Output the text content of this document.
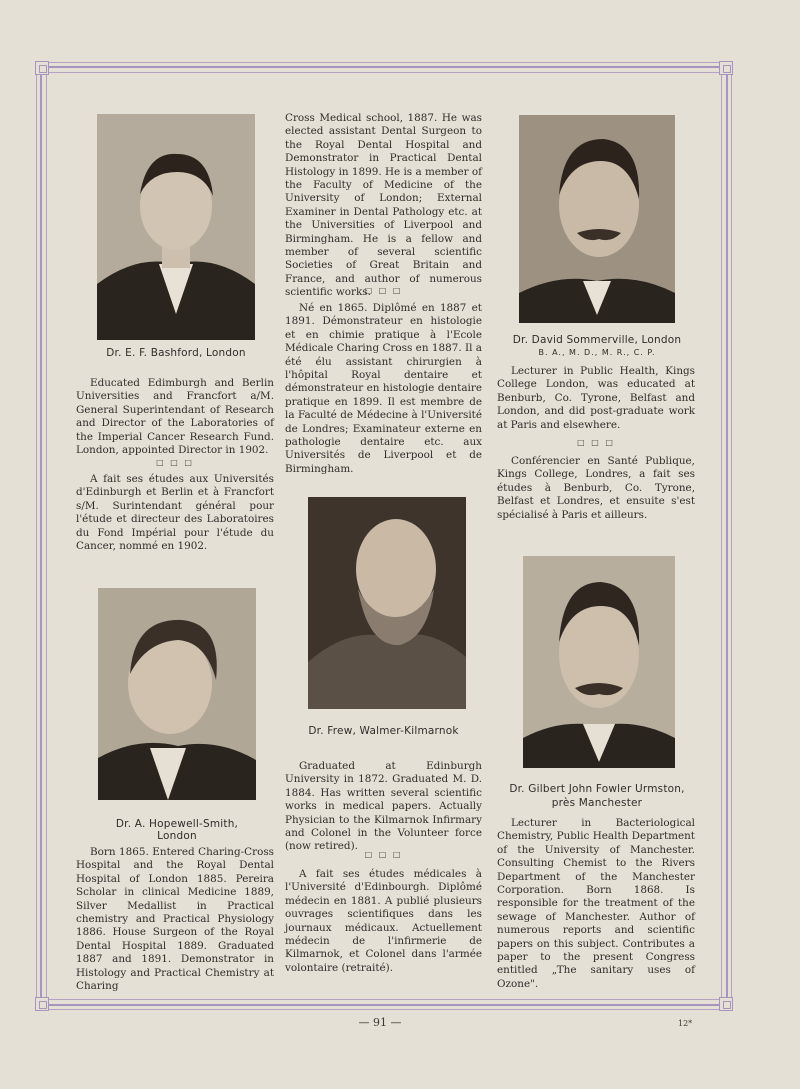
Dr. E. F. Bashford, London
Educated Edimburgh and Berlin Universities and Francfort a/M. General Superintendant of Research and Director of the Laboratories of the Imperial Cancer Research Fund. London, appointed Director in 1902.
□ □ □
A fait ses études aux Universités d'Edinburgh et Berlin et à Francfort s/M. Surintendant général pour l'étude et directeur des Laboratoires du Fond Impérial pour l'étude du Cancer, nommé en 1902.
Dr. A. Hopewell-Smith, London
Born 1865. Entered Charing-Cross Hospital and the Royal Dental Hospital of London 1885. Pereira Scholar in clinical Medicine 1889, Silver Medallist in Practical chemistry and Practical Physiology 1886. House Surgeon of the Royal Dental Hospital 1889. Graduated 1887 and 1891. Demonstrator in Histology and Practical Chemistry at Charing
Cross Medical school, 1887. He was elected assistant Dental Surgeon to the Royal Dental Hospital and Demonstrator in Practical Dental Histology in 1899. He is a member of the Faculty of Medicine of the University of London; External Examiner in Dental Pathology etc. at the Universities of Liverpool and Birmingham. He is a fellow and member of several scientific Societies of Great Britain and France, and author of numerous scientific works.
□ □ □
Né en 1865. Diplômé en 1887 et 1891. Démonstrateur en histologie et en chimie pratique à l'Ecole Médicale Charing Cross en 1887. Il a été élu assistant chirurgien à l'hôpital Royal dentaire et démonstrateur en histologie dentaire pratique en 1899. Il est membre de la Faculté de Médecine à l'Université de Londres; Examinateur externe en pathologie dentaire etc. aux Universités de Liverpool et de Birmingham.
Dr. Frew, Walmer-Kilmarnok
Graduated at Edinburgh University in 1872. Graduated M. D. 1884. Has written several scientific works in medical papers. Actually Physician to the Kilmarnok Infirmary and Colonel in the Volunteer force (now retired).
□ □ □
A fait ses études médicales à l'Université d'Edinbourgh. Diplômé médecin en 1881. A publié plusieurs ouvrages scientifiques dans les journaux médicaux. Actuellement médecin de l'infirmerie de Kilmarnok, et Colonel dans l'armée volontaire (retraité).
Dr. David Sommerville, London
B. A., M. D., M. R., C. P.
Lecturer in Public Health, Kings College London, was educated at Benburb, Co. Tyrone, Belfast and London, and did post-graduate work at Paris and elsewhere.
□ □ □
Conférencier en Santé Publique, Kings College, Londres, a fait ses études à Benburb, Co. Tyrone, Belfast et Londres, et ensuite s'est spécialisé à Paris et ailleurs.
Dr. Gilbert John Fowler Urmston,
près Manchester
Lecturer in Bacteriological Chemistry, Public Health Department of the University of Manchester. Consulting Chemist to the Rivers Department of the Manchester Corporation. Born 1868. Is responsible for the treatment of the sewage of Manchester. Author of numerous reports and scientific papers on this subject. Contributes a paper to the present Congress entitled „The sanitary uses of Ozone".
— 91 —	12*
